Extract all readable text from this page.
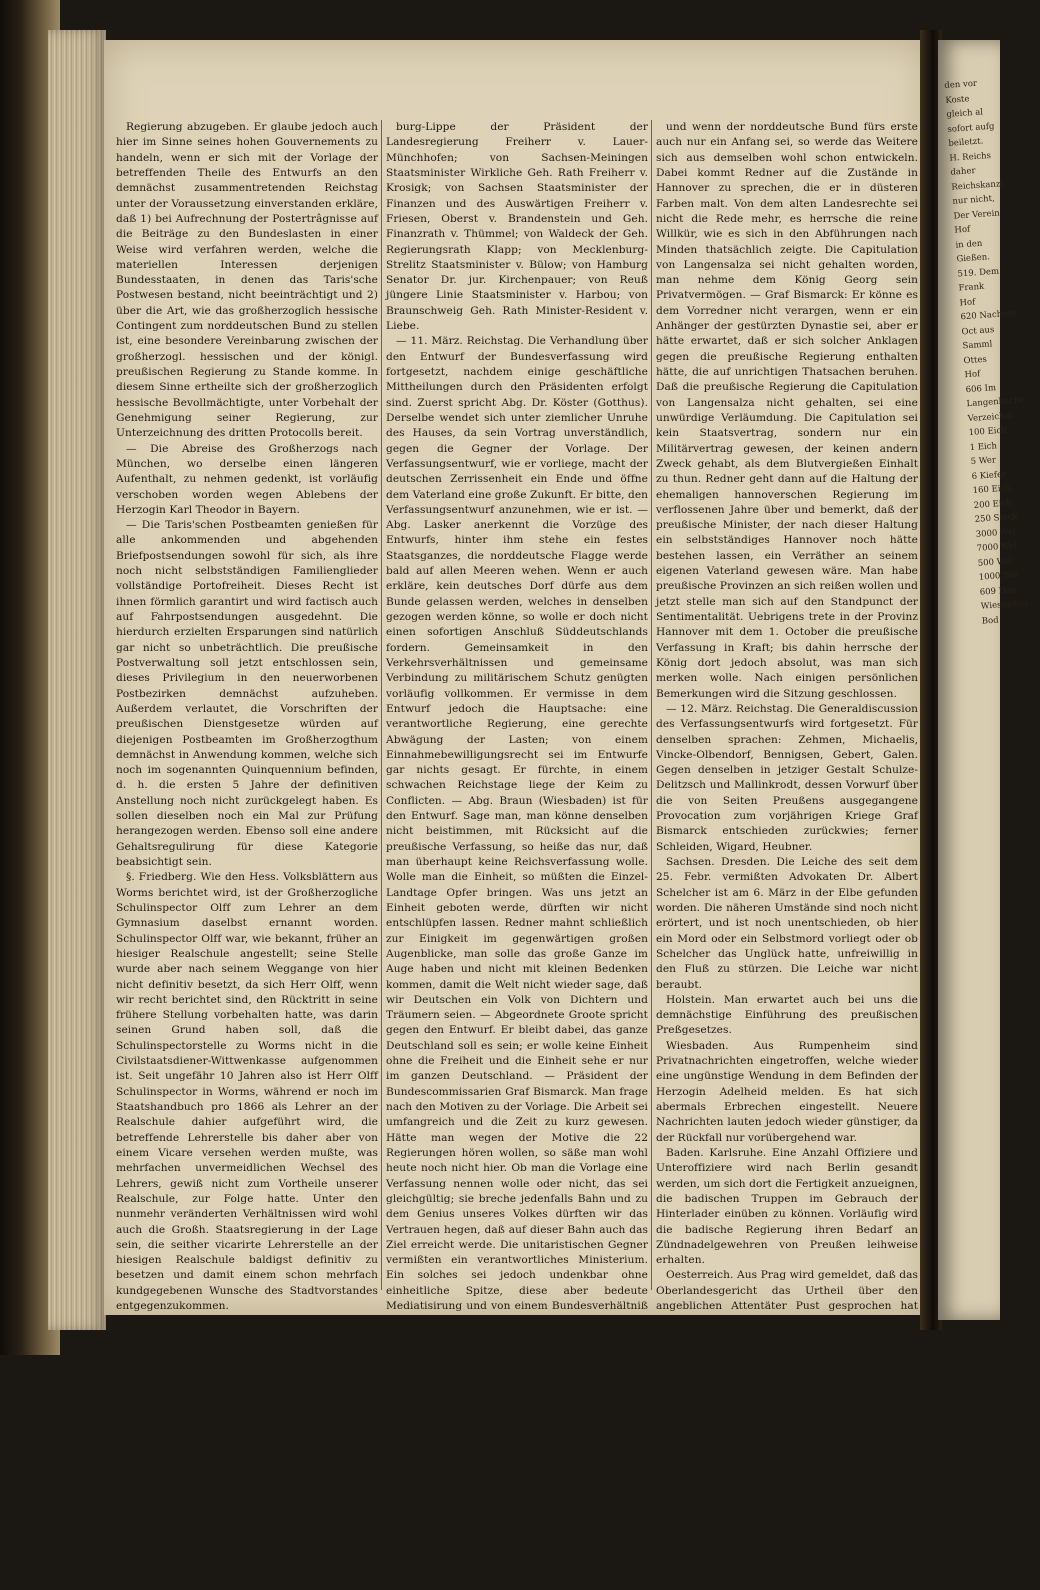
Regierung abzugeben. Er glaube jedoch auch hier im Sinne seines hohen Gouvernements zu handeln, wenn er sich mit der Vorlage der betreffenden Theile des Entwurfs an den demnächst zusammentretenden Reichstag unter der Voraussetzung einverstanden erkläre, daß 1) bei Aufrechnung der Postertrâgnisse auf die Beiträge zu den Bundeslasten in einer Weise wird verfahren werden, welche die materiellen Interessen derjenigen Bundesstaaten, in denen das Taris'sche Postwesen bestand, nicht beeinträchtigt und 2) über die Art, wie das großherzoglich hessische Contingent zum norddeutschen Bund zu stellen ist, eine besondere Vereinbarung zwischen der großherzogl. hessischen und der königl. preußischen Regierung zu Stande komme. In diesem Sinne ertheilte sich der großherzoglich hessische Bevollmächtigte, unter Vorbehalt der Genehmigung seiner Regierung, zur Unterzeichnung des dritten Protocolls bereit.

— Die Abreise des Großherzogs nach München, wo derselbe einen längeren Aufenthalt, zu nehmen gedenkt, ist vorläufig verschoben worden wegen Ablebens der Herzogin Karl Theodor in Bayern.

— Die Taris'schen Postbeamten genießen für alle ankommenden und abgehenden Briefpostsendungen sowohl für sich, als ihre noch nicht selbstständigen Familienglieder vollständige Portofreiheit. Dieses Recht ist ihnen förmlich garantirt und wird factisch auch auf Fahrpostsendungen ausgedehnt. Die hierdurch erzielten Ersparungen sind natürlich gar nicht so unbeträchtlich. Die preußische Postverwaltung soll jetzt entschlossen sein, dieses Privilegium in den neuerworbenen Postbezirken demnächst aufzuheben. Außerdem verlautet, die Vorschriften der preußischen Dienstgesetze würden auf diejenigen Postbeamten im Großherzogthum demnächst in Anwendung kommen, welche sich noch im sogenannten Quinquennium befinden, d. h. die ersten 5 Jahre der definitiven Anstellung noch nicht zurückgelegt haben. Es sollen dieselben noch ein Mal zur Prüfung herangezogen werden. Ebenso soll eine andere Gehaltsregulirung für diese Kategorie beabsichtigt sein.

§. Friedberg. Wie den Hess. Volksblättern aus Worms berichtet wird, ist der Großherzogliche Schulinspector Olff zum Lehrer an dem Gymnasium daselbst ernannt worden. Schulinspector Olff war, wie bekannt, früher an hiesiger Realschule angestellt; seine Stelle wurde aber nach seinem Weggange von hier nicht definitiv besetzt, da sich Herr Olff, wenn wir recht berichtet sind, den Rücktritt in seine frühere Stellung vorbehalten hatte, was darin seinen Grund haben soll, daß die Schulinspectorstelle zu Worms nicht in die Civilstaatsdiener-Wittwenkasse aufgenommen ist. Seit ungefähr 10 Jahren also ist Herr Olff Schulinspector in Worms, während er noch im Staatshandbuch pro 1866 als Lehrer an der Realschule dahier aufgeführt wird, die betreffende Lehrerstelle bis daher aber von einem Vicare versehen werden mußte, was mehrfachen unvermeidlichen Wechsel des Lehrers, gewiß nicht zum Vortheile unserer Realschule, zur Folge hatte. Unter den nunmehr veränderten Verhältnissen wird wohl auch die Großh. Staatsregierung in der Lage sein, die seither vicarirte Lehrerstelle an der hiesigen Realschule baldigst definitiv zu besetzen und damit einem schon mehrfach kundgegebenen Wunsche des Stadtvorstandes entgegenzukommen.

Preußen. Berlin. Ministerpräsident v. Bismarck hat dem Präsidium des Reichstags die Liste der Commissarien überlandt, welche von nachstehenden Bundesregierungen ernannt sind, um in Gemeinschaft mit den preußischerseits ernannten Bevollmächtigten theils für die Dauer, theils nach dem momentanen Bedürfniß sich an der Vertretung des Verfassungsentwurfs zu betheiligen: von Bremen Senator Gildemeister; von Mecklenburg-Schwerin der Staatsminister v. Oertzen und Staatsrath Dr. Wetzell; von Hessen der außerordentliche Gesandte und bevollmächtigte Minister Geheimer Legationsrath Hofmann; von Lübeck der Senator Dr. jur. Curtius; von Altenburg und von Anhalt der Wirkliche Geh. Rath und Minister-Resident Graf v. Beust; von Schaum-

burg-Lippe der Präsident der Landesregierung Freiherr v. Lauer-Münchhofen; von Sachsen-Meiningen Staatsminister Wirkliche Geh. Rath Freiherr v. Krosigk; von Sachsen Staatsminister der Finanzen und des Auswärtigen Freiherr v. Friesen, Oberst v. Brandenstein und Geh. Finanzrath v. Thümmel; von Waldeck der Geh. Regierungsrath Klapp; von Mecklenburg-Strelitz Staatsminister v. Bülow; von Hamburg Senator Dr. jur. Kirchenpauer; von Reuß jüngere Linie Staatsminister v. Harbou; von Braunschweig Geh. Rath Minister-Resident v. Liebe.

— 11. März. Reichstag. Die Verhandlung über den Entwurf der Bundesverfassung wird fortgesetzt, nachdem einige geschäftliche Mittheilungen durch den Präsidenten erfolgt sind. Zuerst spricht Abg. Dr. Köster (Gotthus). Derselbe wendet sich unter ziemlicher Unruhe des Hauses, da sein Vortrag unverständlich, gegen die Gegner der Vorlage. Der Verfassungsentwurf, wie er vorliege, macht der deutschen Zerrissenheit ein Ende und öffne dem Vaterland eine große Zukunft. Er bitte, den Verfassungsentwurf anzunehmen, wie er ist. — Abg. Lasker anerkennt die Vorzüge des Entwurfs, hinter ihm stehe ein festes Staatsganzes, die norddeutsche Flagge werde bald auf allen Meeren wehen. Wenn er auch erkläre, kein deutsches Dorf dürfe aus dem Bunde gelassen werden, welches in denselben gezogen werden könne, so wolle er doch nicht einen sofortigen Anschluß Süddeutschlands fordern. Gemeinsamkeit in den Verkehrsverhältnissen und gemeinsame Verbindung zu militärischem Schutz genügten vorläufig vollkommen. Er vermisse in dem Entwurf jedoch die Hauptsache: eine verantwortliche Regierung, eine gerechte Abwägung der Lasten; von einem Einnahmebewilligungsrecht sei im Entwurfe gar nichts gesagt. Er fürchte, in einem schwachen Reichstage liege der Keim zu Conflicten. — Abg. Braun (Wiesbaden) ist für den Entwurf. Sage man, man könne denselben nicht beistimmen, mit Rücksicht auf die preußische Verfassung, so heiße das nur, daß man überhaupt keine Reichsverfassung wolle. Wolle man die Einheit, so müßten die Einzel-Landtage Opfer bringen. Was uns jetzt an Einheit geboten werde, dürften wir nicht entschlüpfen lassen. Redner mahnt schließlich zur Einigkeit im gegenwärtigen großen Augenblicke, man solle das große Ganze im Auge haben und nicht mit kleinen Bedenken kommen, damit die Welt nicht wieder sage, daß wir Deutschen ein Volk von Dichtern und Träumern seien. — Abgeordnete Groote spricht gegen den Entwurf. Er bleibt dabei, das ganze Deutschland soll es sein; er wolle keine Einheit ohne die Freiheit und die Einheit sehe er nur im ganzen Deutschland. — Präsident der Bundescommissarien Graf Bismarck. Man frage nach den Motiven zu der Vorlage. Die Arbeit sei umfangreich und die Zeit zu kurz gewesen. Hätte man wegen der Motive die 22 Regierungen hören wollen, so säße man wohl heute noch nicht hier. Ob man die Vorlage eine Verfassung nennen wolle oder nicht, das sei gleichgültig; sie breche jedenfalls Bahn und zu dem Genius unseres Volkes dürften wir das Vertrauen hegen, daß auf dieser Bahn auch das Ziel erreicht werde. Die unitaristischen Gegner vermißten ein verantwortliches Ministerium. Ein solches sei jedoch undenkbar ohne einheitliche Spitze, diese aber bedeute Mediatisirung und von einem Bundesverhältniß könne dann nicht mehr die Rede sein. Man irre, wenn man glaube, durch ein verantwortliches Ministerium Süddeutschland zu gewinnen. Sei unsere Verfassung fertig, so könnten wir Süddeutschland einladen, mit uns zu verhandeln. Was die militärische Vereinigung von Nord- und Süddeutschland zu gegenseitigem Schutz nach Außen betreffe, so sei dieselbe gesichert. Erledigen Sie Ihre Arbeit nur rasch, setzen wir Deutschland nur in den Sattel, reiten wird es schon können. — Abg. v. Gottberg hat Bedenken gegen das Wahlgesetz und wünscht Garantien dagegen. Im Uebrigen spricht er für die Vorlage. — Abg. v. Münchhausen (Hannover). Der alte Bund sei unhaltbar gewesen, an seine Stelle müsse etwas Neues gesetzt werden,

und wenn der norddeutsche Bund fürs erste auch nur ein Anfang sei, so werde das Weitere sich aus demselben wohl schon entwickeln. Dabei kommt Redner auf die Zustände in Hannover zu sprechen, die er in düsteren Farben malt. Von dem alten Landesrechte sei nicht die Rede mehr, es herrsche die reine Willkür, wie es sich in den Abführungen nach Minden thatsächlich zeigte. Die Capitulation von Langensalza sei nicht gehalten worden, man nehme dem König Georg sein Privatvermögen. — Graf Bismarck: Er könne es dem Vorredner nicht verargen, wenn er ein Anhänger der gestürzten Dynastie sei, aber er hätte erwartet, daß er sich solcher Anklagen gegen die preußische Regierung enthalten hätte, die auf unrichtigen Thatsachen beruhen. Daß die preußische Regierung die Capitulation von Langensalza nicht gehalten, sei eine unwürdige Verläumdung. Die Capitulation sei kein Staatsvertrag, sondern nur ein Militärvertrag gewesen, der keinen andern Zweck gehabt, als dem Blutvergießen Einhalt zu thun. Redner geht dann auf die Haltung der ehemaligen hannoverschen Regierung im verflossenen Jahre über und bemerkt, daß der preußische Minister, der nach dieser Haltung ein selbstständiges Hannover noch hätte bestehen lassen, ein Verräther an seinem eigenen Vaterland gewesen wäre. Man habe preußische Provinzen an sich reißen wollen und jetzt stelle man sich auf den Standpunct der Sentimentalität. Uebrigens trete in der Provinz Hannover mit dem 1. October die preußische Verfassung in Kraft; bis dahin herrsche der König dort jedoch absolut, was man sich merken wolle. Nach einigen persönlichen Bemerkungen wird die Sitzung geschlossen.

— 12. März. Reichstag. Die Generaldiscussion des Verfassungsentwurfs wird fortgesetzt. Für denselben sprachen: Zehmen, Michaelis, Vincke-Olbendorf, Bennigsen, Gebert, Galen. Gegen denselben in jetziger Gestalt Schulze-Delitzsch und Mallinkrodt, dessen Vorwurf über die von Seiten Preußens ausgegangene Provocation zum vorjährigen Kriege Graf Bismarck entschieden zurückwies; ferner Schleiden, Wigard, Heubner.

Sachsen. Dresden. Die Leiche des seit dem 25. Febr. vermißten Advokaten Dr. Albert Schelcher ist am 6. März in der Elbe gefunden worden. Die näheren Umstände sind noch nicht erörtert, und ist noch unentschieden, ob hier ein Mord oder ein Selbstmord vorliegt oder ob Schelcher das Unglück hatte, unfreiwillig in den Fluß zu stürzen. Die Leiche war nicht beraubt.

Holstein. Man erwartet auch bei uns die demnächstige Einführung des preußischen Preßgesetzes.

Wiesbaden. Aus Rumpenheim sind Privatnachrichten eingetroffen, welche wieder eine ungünstige Wendung in dem Befinden der Herzogin Adelheid melden. Es hat sich abermals Erbrechen eingestellt. Neuere Nachrichten lauten jedoch wieder günstiger, da der Rückfall nur vorübergehend war.

Baden. Karlsruhe. Eine Anzahl Offiziere und Unteroffiziere wird nach Berlin gesandt werden, um sich dort die Fertigkeit anzueignen, die badischen Truppen im Gebrauch der Hinterlader einüben zu können. Vorläufig wird die badische Regierung ihren Bedarf an Zündnadelgewehren von Preußen leihweise erhalten.

Oesterreich. Aus Prag wird gemeldet, daß das Oberlandesgericht das Urtheil über den angeblichen Attentäter Pust gesprochen hat und daß dasselbe auf Freisprechung laute. Pust soll eine Entschädigungsklage gegen seinen Denuncianten Palmer eingereicht haben.

Großbritannien. London. Kürzlich ereignete sich zwischen Heeddersfield und Bradford ein schreckliches Eisenbahnunglück: Der Zug nach Heeddersfield kam unweit Bradford in einem Tunnel plötzlich zum Stillstand. Der Locomotivführer, der sich die Ursache nicht erklären konnte, stieg ab und ging unter die Maschine, um sich zu überzeugen, was wohl die Stockung veranlaßt haben konnte. In der Zwischenzeit kam mit großer Schnelligkeit ein anderer Zug von Leeds heran und fuhr mit großer Gewalt in den Tunnel und

den vor
Koste
gleich al
sofort aufg
beiletzt.
H. Reichs
daher
Reichskanzl
nur nicht,
Der Verein
Hof
in den
Gießen.
519. Dem
Frank
Hof
620 Nachten
Oct aus
Samml
Ottes
Hof
606 Im
Langenbache
Verzeichni
100 Eich
1 Eich
5 Wer
6 Kiefer
160 Eich
200 Eich
250 Steck
3000 Wel
7000 Wel
500 Wel
1000 Wel
609 Den
Wiesbaden
Bod
